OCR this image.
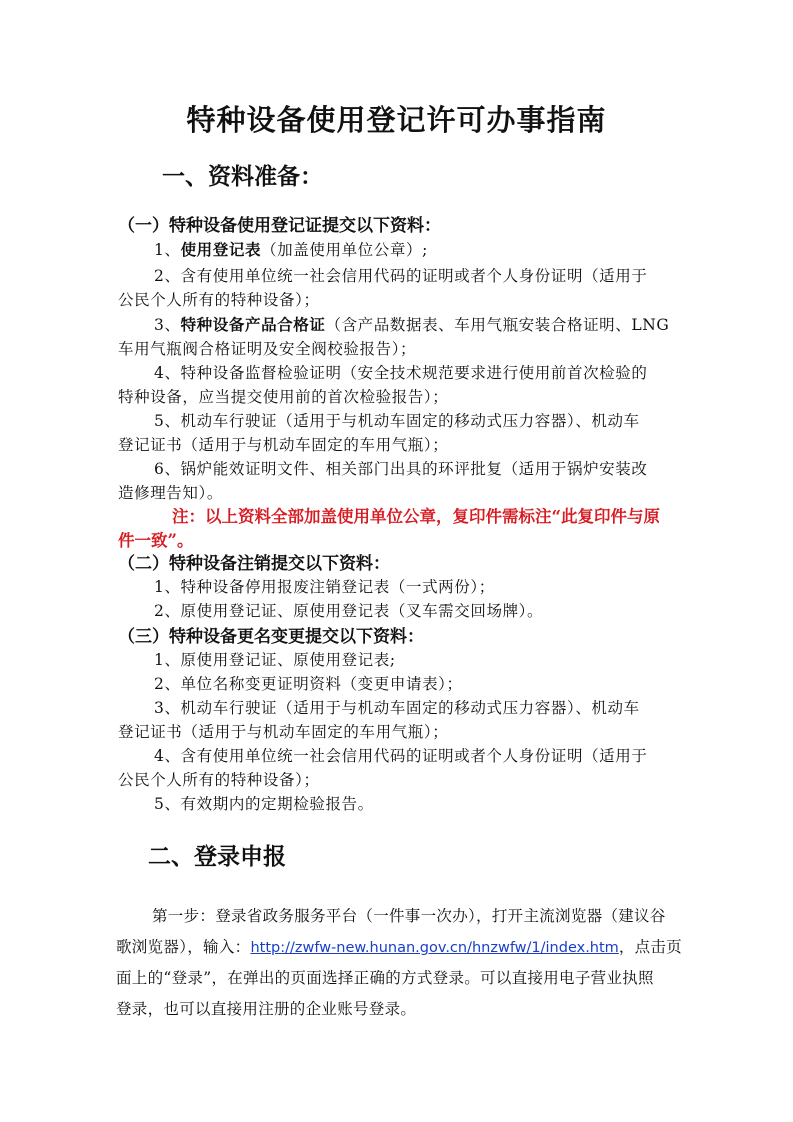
特种设备使用登记许可办事指南
一、资料准备：
（一）特种设备使用登记证提交以下资料：
1、使用登记表（加盖使用单位公章）;
2、含有使用单位统一社会信用代码的证明或者个人身份证明（适用于
公民个人所有的特种设备）；
3、特种设备产品合格证（含产品数据表、车用气瓶安装合格证明、LNG
车用气瓶阀合格证明及安全阀校验报告）；
4、特种设备监督检验证明（安全技术规范要求进行使用前首次检验的
特种设备，应当提交使用前的首次检验报告）；
5、机动车行驶证（适用于与机动车固定的移动式压力容器）、机动车
登记证书（适用于与机动车固定的车用气瓶）；
6、锅炉能效证明文件、相关部门出具的环评批复（适用于锅炉安装改
造修理告知）。
注：以上资料全部加盖使用单位公章，复印件需标注“此复印件与原
件一致”。
（二）特种设备注销提交以下资料：
1、特种设备停用报废注销登记表（一式两份）；
2、原使用登记证、原使用登记表（叉车需交回场牌）。
（三）特种设备更名变更提交以下资料：
1、原使用登记证、原使用登记表;
2、单位名称变更证明资料（变更申请表）；
3、机动车行驶证（适用于与机动车固定的移动式压力容器）、机动车
登记证书（适用于与机动车固定的车用气瓶）；
4、含有使用单位统一社会信用代码的证明或者个人身份证明（适用于
公民个人所有的特种设备）；
5、有效期内的定期检验报告。
二、登录申报
第一步：登录省政务服务平台（一件事一次办），打开主流浏览器（建议谷
歌浏览器），输入：http://zwfw-new.hunan.gov.cn/hnzwfw/1/index.htm，点击页
面上的“登录”，在弹出的页面选择正确的方式登录。可以直接用电子营业执照
登录，也可以直接用注册的企业账号登录。
